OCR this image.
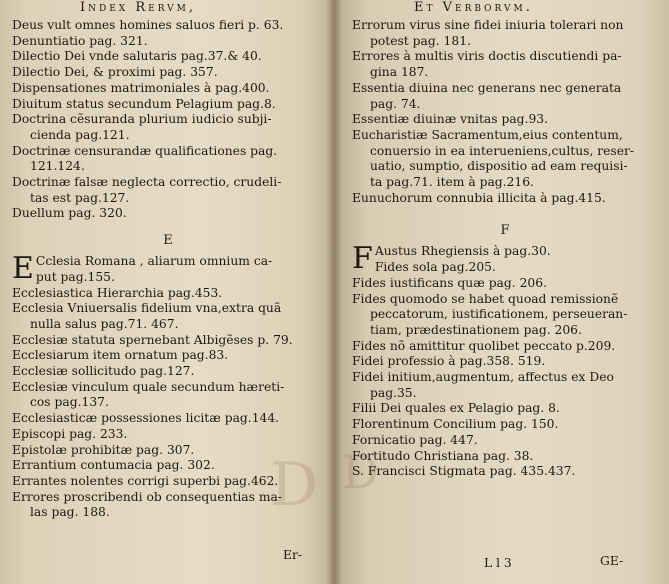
D
Index Rervm,
Deus vult omnes homines saluos fieri p. 63.
Denuntiatio pag. 321.
Dilectio Dei vnde salutaris pag.37.& 40.
Dilectio Dei, & proximi pag. 357.
Dispensationes matrimoniales à pag.400.
Diuitum status secundum Pelagium pag.8.
Doctrina cẽsuranda plurium iudicio subji-
cienda pag.121.
Doctrinæ censurandæ qualificationes pag.
121.124.
Doctrinæ falsæ neglecta correctio, crudeli-
tas est pag.127.
Duellum pag. 320.
E
E Cclesia Romana , aliarum omnium ca-
put pag.155.
Ecclesiastica Hierarchia pag.453.
Ecclesia Vniuersalis fidelium vna,extra quã
nulla salus pag.71. 467.
Ecclesiæ statuta spernebant Albigẽses p. 79.
Ecclesiarum item ornatum pag.83.
Ecclesiæ sollicitudo pag.127.
Ecclesiæ vinculum quale secundum hæreti-
cos pag.137.
Ecclesiasticæ possessiones licitæ pag.144.
Episcopi pag. 233.
Epistolæ prohibitæ pag. 307.
Errantium contumacia pag. 302.
Errantes nolentes corrigi superbi pag.462.
Errores proscribendi ob consequentias ma-
las pag. 188.
Er-
D
Et Verborvm.
Errorum virus sine fidei iniuria tolerari non
potest pag. 181.
Errores à multis viris doctis discutiendi pa-
gina 187.
Essentia diuina nec generans nec generata
pag. 74.
Essentiæ diuinæ vnitas pag.93.
Eucharistiæ Sacramentum,eius contentum,
conuersio in ea interueniens,cultus, reser-
uatio, sumptio, dispositio ad eam requisi-
ta pag.71. item à pag.216.
Eunuchorum connubia illicita à pag.415.
F
F Austus Rhegiensis à pag.30.
Fides sola pag.205.
Fides iustificans quæ pag. 206.
Fides quomodo se habet quoad remissionẽ
peccatorum, iustificationem, perseueran-
tiam, prædestinationem pag. 206.
Fides nõ amittitur quolibet peccato p.209.
Fidei professio à pag.358. 519.
Fidei initium,augmentum, affectus ex Deo
pag.35.
Filii Dei quales ex Pelagio pag. 8.
Florentinum Concilium pag. 150.
Fornicatio pag. 447.
Fortitudo Christiana pag. 38.
S. Francisci Stigmata pag. 435.437.
L l 3	GE-
